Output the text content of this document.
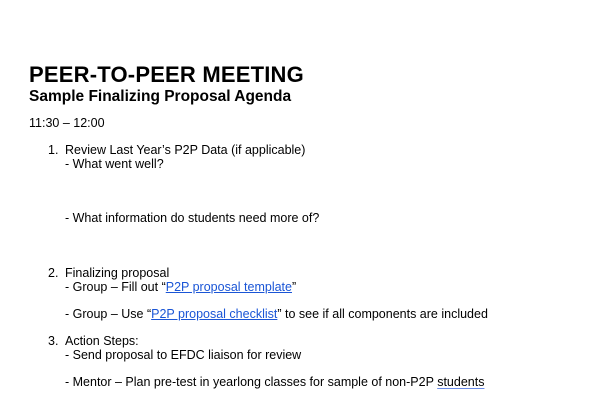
PEER-TO-PEER MEETING
Sample Finalizing Proposal Agenda
11:30 – 12:00
1. Review Last Year’s P2P Data (if applicable)
- What went well?
- What information do students need more of?
2. Finalizing proposal
- Group – Fill out “P2P proposal template”
- Group – Use “P2P proposal checklist” to see if all components are included
3. Action Steps:
- Send proposal to EFDC liaison for review
- Mentor – Plan pre-test in yearlong classes for sample of non-P2P students
